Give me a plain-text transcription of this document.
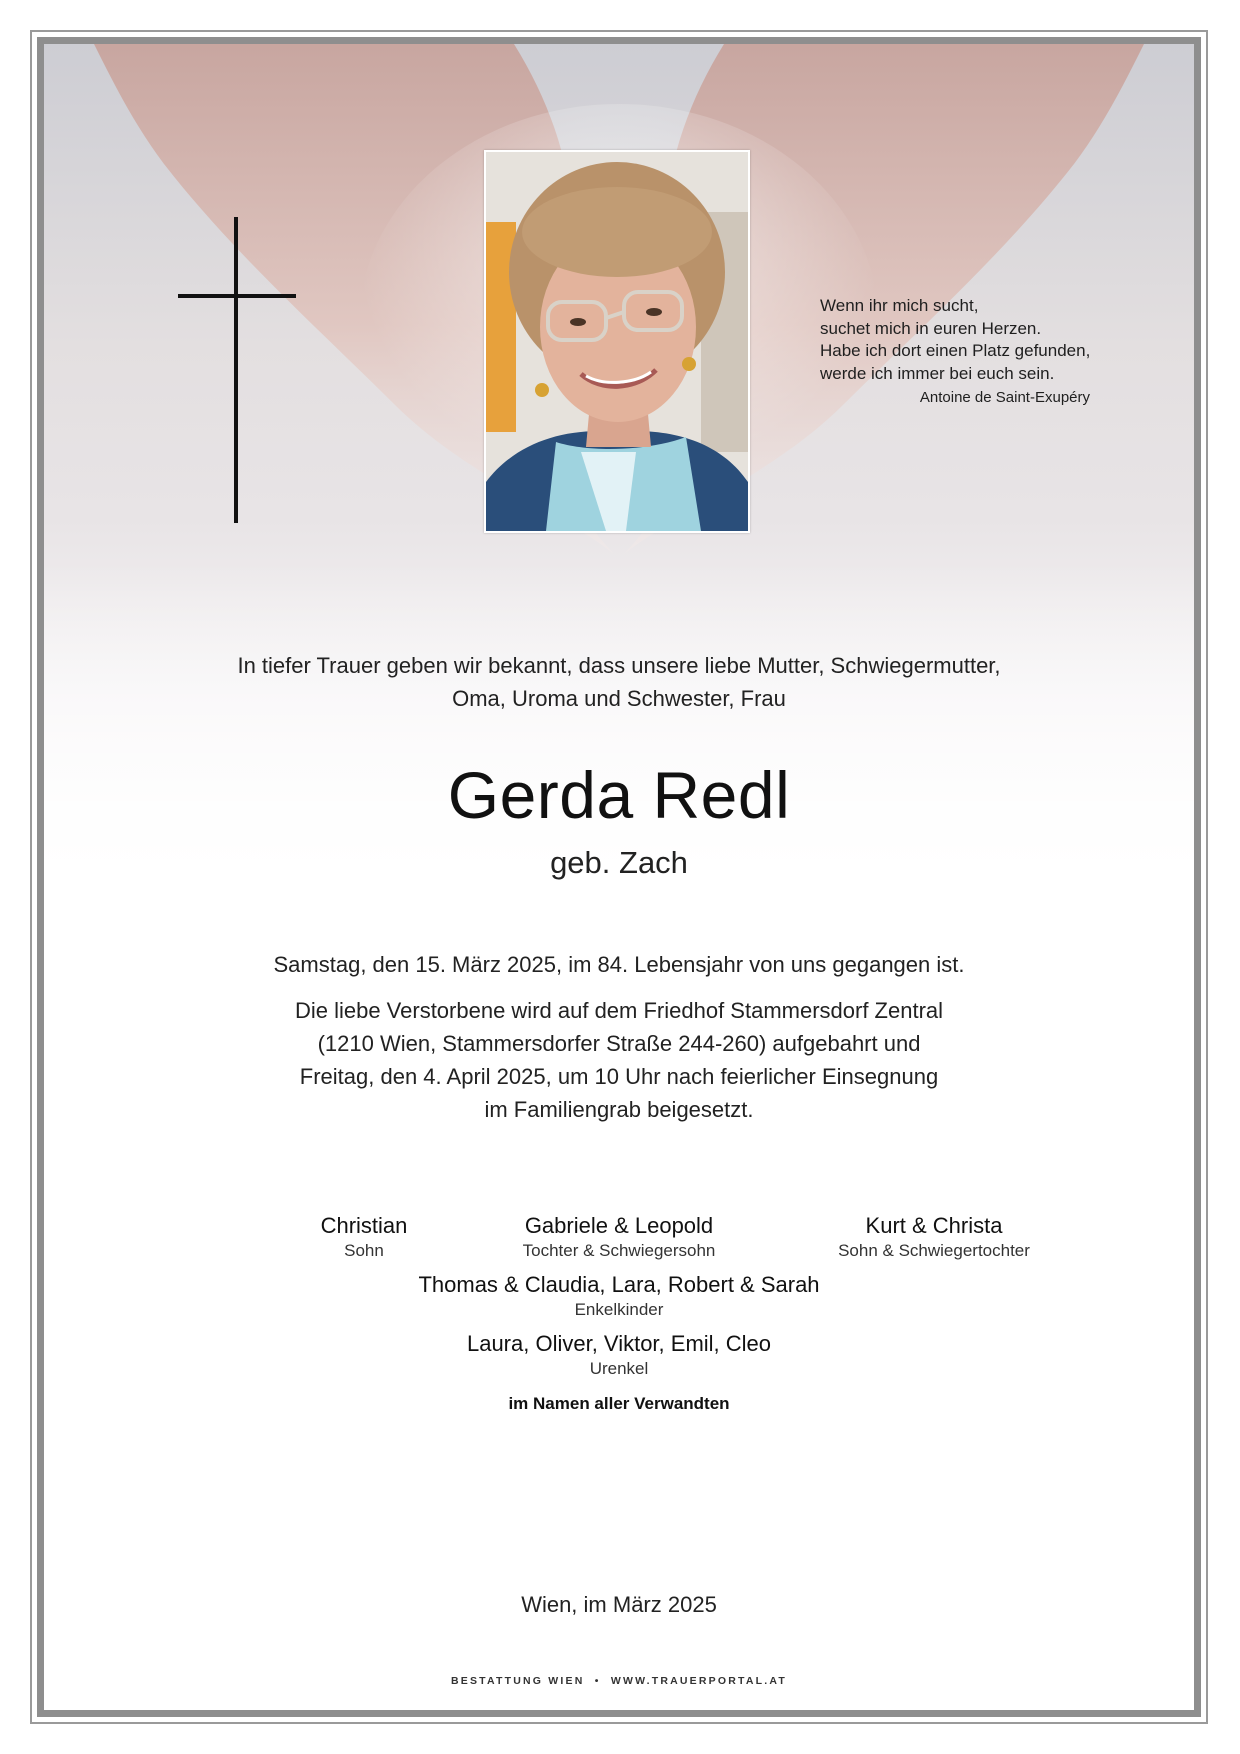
Wenn ihr mich sucht,
suchet mich in euren Herzen.
Habe ich dort einen Platz gefunden,
werde ich immer bei euch sein.
Antoine de Saint-Exupéry
In tiefer Trauer geben wir bekannt, dass unsere liebe Mutter, Schwiegermutter,
Oma, Uroma und Schwester, Frau
Gerda Redl
geb. Zach
Samstag, den 15. März 2025, im 84. Lebensjahr von uns gegangen ist.
Die liebe Verstorbene wird auf dem Friedhof Stammersdorf Zentral
(1210 Wien, Stammersdorfer Straße 244-260) aufgebahrt und
Freitag, den 4. April 2025, um 10 Uhr nach feierlicher Einsegnung
im Familiengrab beigesetzt.
Christian
Sohn
Gabriele & Leopold
Tochter & Schwiegersohn
Kurt & Christa
Sohn & Schwiegertochter
Thomas & Claudia, Lara, Robert & Sarah
Enkelkinder
Laura, Oliver, Viktor, Emil, Cleo
Urenkel
im Namen aller Verwandten
Wien, im März 2025
BESTATTUNG WIEN  •  WWW.TRAUERPORTAL.AT
